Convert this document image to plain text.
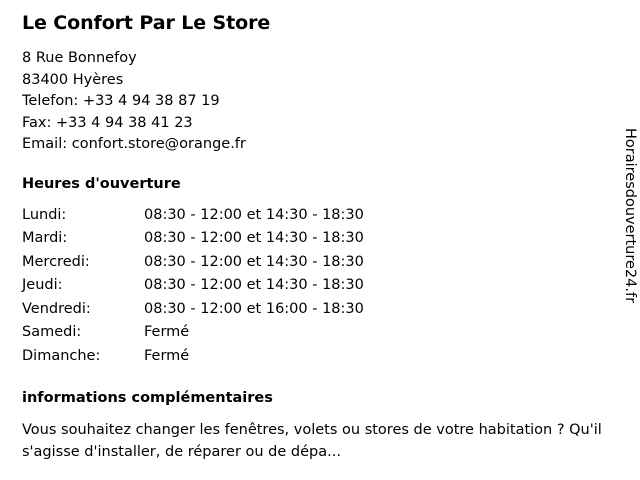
Le Confort Par Le Store
8 Rue Bonnefoy
83400 Hyères
Telefon: +33 4 94 38 87 19
Fax: +33 4 94 38 41 23
Email: confort.store@orange.fr
Heures d'ouverture
Lundi:	08:30 - 12:00 et 14:30 - 18:30
Mardi:	08:30 - 12:00 et 14:30 - 18:30
Mercredi:	08:30 - 12:00 et 14:30 - 18:30
Jeudi:	08:30 - 12:00 et 14:30 - 18:30
Vendredi:	08:30 - 12:00 et 16:00 - 18:30
Samedi:	Fermé
Dimanche:	Fermé
informations complémentaires
Vous souhaitez changer les fenêtres, volets ou stores de votre habitation ? Qu'il s'agisse d'installer, de réparer ou de dépa...
Horairesdouverture24.fr
